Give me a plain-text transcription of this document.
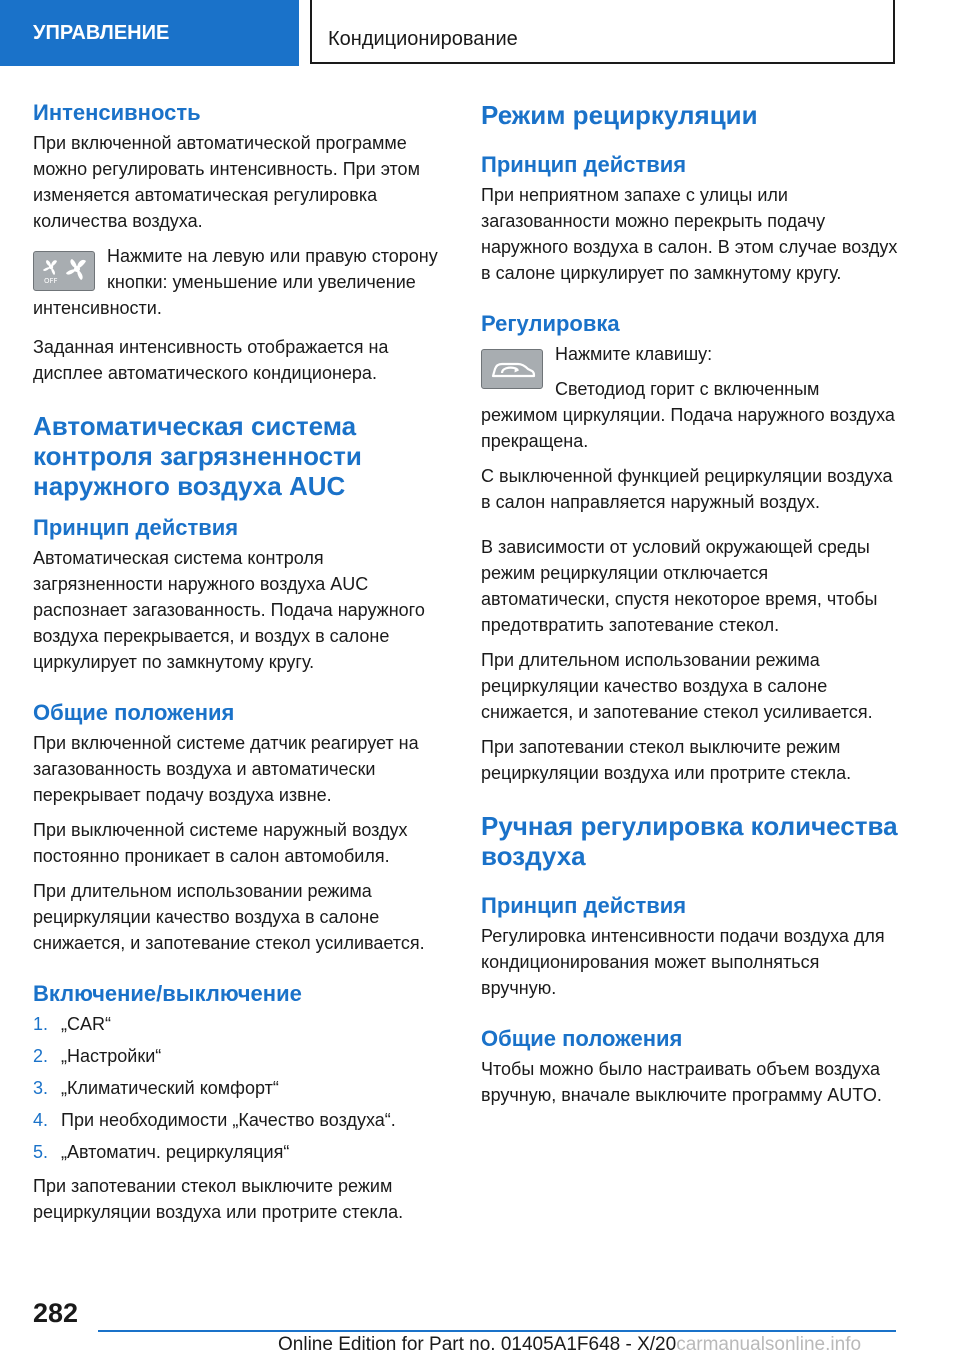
УПРАВЛЕНИЕ	Кондиционирование
Интенсивность

При включенной автоматической программе можно регулировать интенсивность. При этом изменяется автоматическая регулировка количества воздуха.

OFF

Нажмите на левую или правую сторону кнопки: уменьшение или увеличение интенсивности.

Заданная интенсивность отображается на дисплее автоматического кондиционера.

Автоматическая система контроля загрязненности наружного воздуха AUC
Принцип действия

Автоматическая система контроля загрязненности наружного воздуха AUC распознает загазованность. Подача наружного воздуха перекрывается, и воздух в салоне циркулирует по замкнутому кругу.

Общие положения

При включенной системе датчик реагирует на загазованность воздуха и автоматически перекрывает подачу воздуха извне.

При выключенной системе наружный воздух постоянно проникает в салон автомобиля.

При длительном использовании режима рециркуляции качество воздуха в салоне снижается, и запотевание стекол усиливается.

Включение/выключение
1. „CAR“
2. „Настройки“
3. „Климатический комфорт“
4. При необходимости „Качество воздуха“.
5. „Автоматич. рециркуляция“

При запотевании стекол выключите режим рециркуляции воздуха или протрите стекла.

Режим рециркуляции
Принцип действия

При неприятном запахе с улицы или загазованности можно перекрыть подачу наружного воздуха в салон. В этом случае воздух в салоне циркулирует по замкнутому кругу.

Регулировка

Нажмите клавишу:

Светодиод горит с включенным режимом циркуляции. Подача наружного воздуха прекращена.

С выключенной функцией рециркуляции воздуха в салон направляется наружный воздух.

В зависимости от условий окружающей среды режим рециркуляции отключается автоматически, спустя некоторое время, чтобы предотвратить запотевание стекол.

При длительном использовании режима рециркуляции качество воздуха в салоне снижается, и запотевание стекол усиливается.

При запотевании стекол выключите режим рециркуляции воздуха или протрите стекла.

Ручная регулировка количества воздуха
Принцип действия

Регулировка интенсивности подачи воздуха для кондиционирования может выполняться вручную.

Общие положения

Чтобы можно было настраивать объем воздуха вручную, вначале выключите программу AUTO.

282
Online Edition for Part no. 01405A1F648 - X/20carmanualsonline.info
